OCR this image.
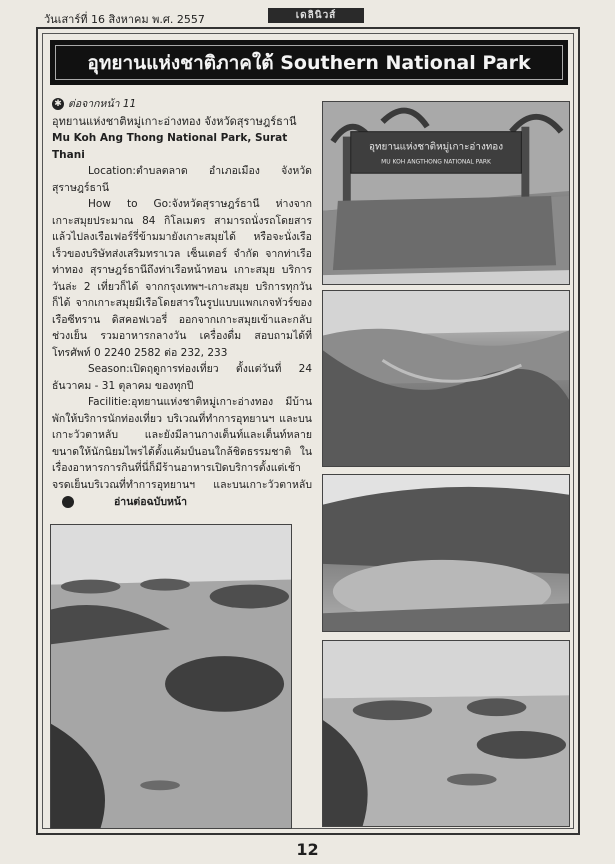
วันเสาร์ที่ 16 สิงหาคม พ.ศ. 2557	เดลินิวส์
อุทยานแห่งชาติภาคใต้ Southern National Park
✱ ต่อจากหน้า 11
อุทยานแห่งชาติหมู่เกาะอ่างทอง จังหวัดสุราษฎร์ธานี
Mu Koh Ang Thong National Park, Surat Thani
Location:ตำบลตลาด อำเภอเมือง จังหวัดสุราษฎร์ธานี
How to Go:จังหวัดสุราษฎร์ธานี ห่างจากเกาะสมุยประมาณ 84 กิโลเมตร สามารถนั่งรถโดยสารแล้วไปลงเรือเฟอร์รี่ข้ามมายังเกาะสมุยได้ หรือจะนั่งเรือเร็วของบริษัทส่งเสริมทราเวล เซ็นเตอร์ จำกัด จากท่าเรือท่าทอง สุราษฎร์ธานีถึงท่าเรือหน้าทอน เกาะสมุย บริการวันล่ะ 2 เที่ยวก็ได้ จากกรุงเทพฯ-เกาะสมุย บริการทุกวัน ก็ได้ จากเกาะสมุยมีเรือโดยสารในรูปแบบแพกเกจทัวร์ของเรือซีทราน ดิสคอฟเวอรี่ ออกจากเกาะสมุยเข้าและกลับช่วงเย็น รวมอาหารกลางวัน เครื่องดื่ม สอบถามได้ที่ โทรศัพท์ 0 2240 2582 ต่อ 232, 233
Season:เปิดฤดูการท่องเที่ยว ตั้งแต่วันที่ 24 ธันวาคม - 31 ตุลาคม ของทุกปี
Facilitie:อุทยานแห่งชาติหมู่เกาะอ่างทอง มีบ้านพักให้บริการนักท่องเที่ยว บริเวณที่ทำการอุทยานฯ และบนเกาะวัวตาหลับ และยังมีลานกางเต็นท์และเต็นท์หลายขนาดให้นักนิยมไพรได้ตั้งแค้มป์นอนใกล้ชิดธรรมชาติ ในเรื่องอาหารการกินที่นี่ก็มีร้านอาหารเปิดบริการตั้งแต่เช้าจรดเย็นบริเวณที่ทำการอุทยานฯ และบนเกาะวัวตาหลับ
✱ อ่านต่อฉบับหน้า
อุทยานแห่งชาติหมู่เกาะอ่างทอง
MU KOH ANGTHONG NATIONAL PARK
12
